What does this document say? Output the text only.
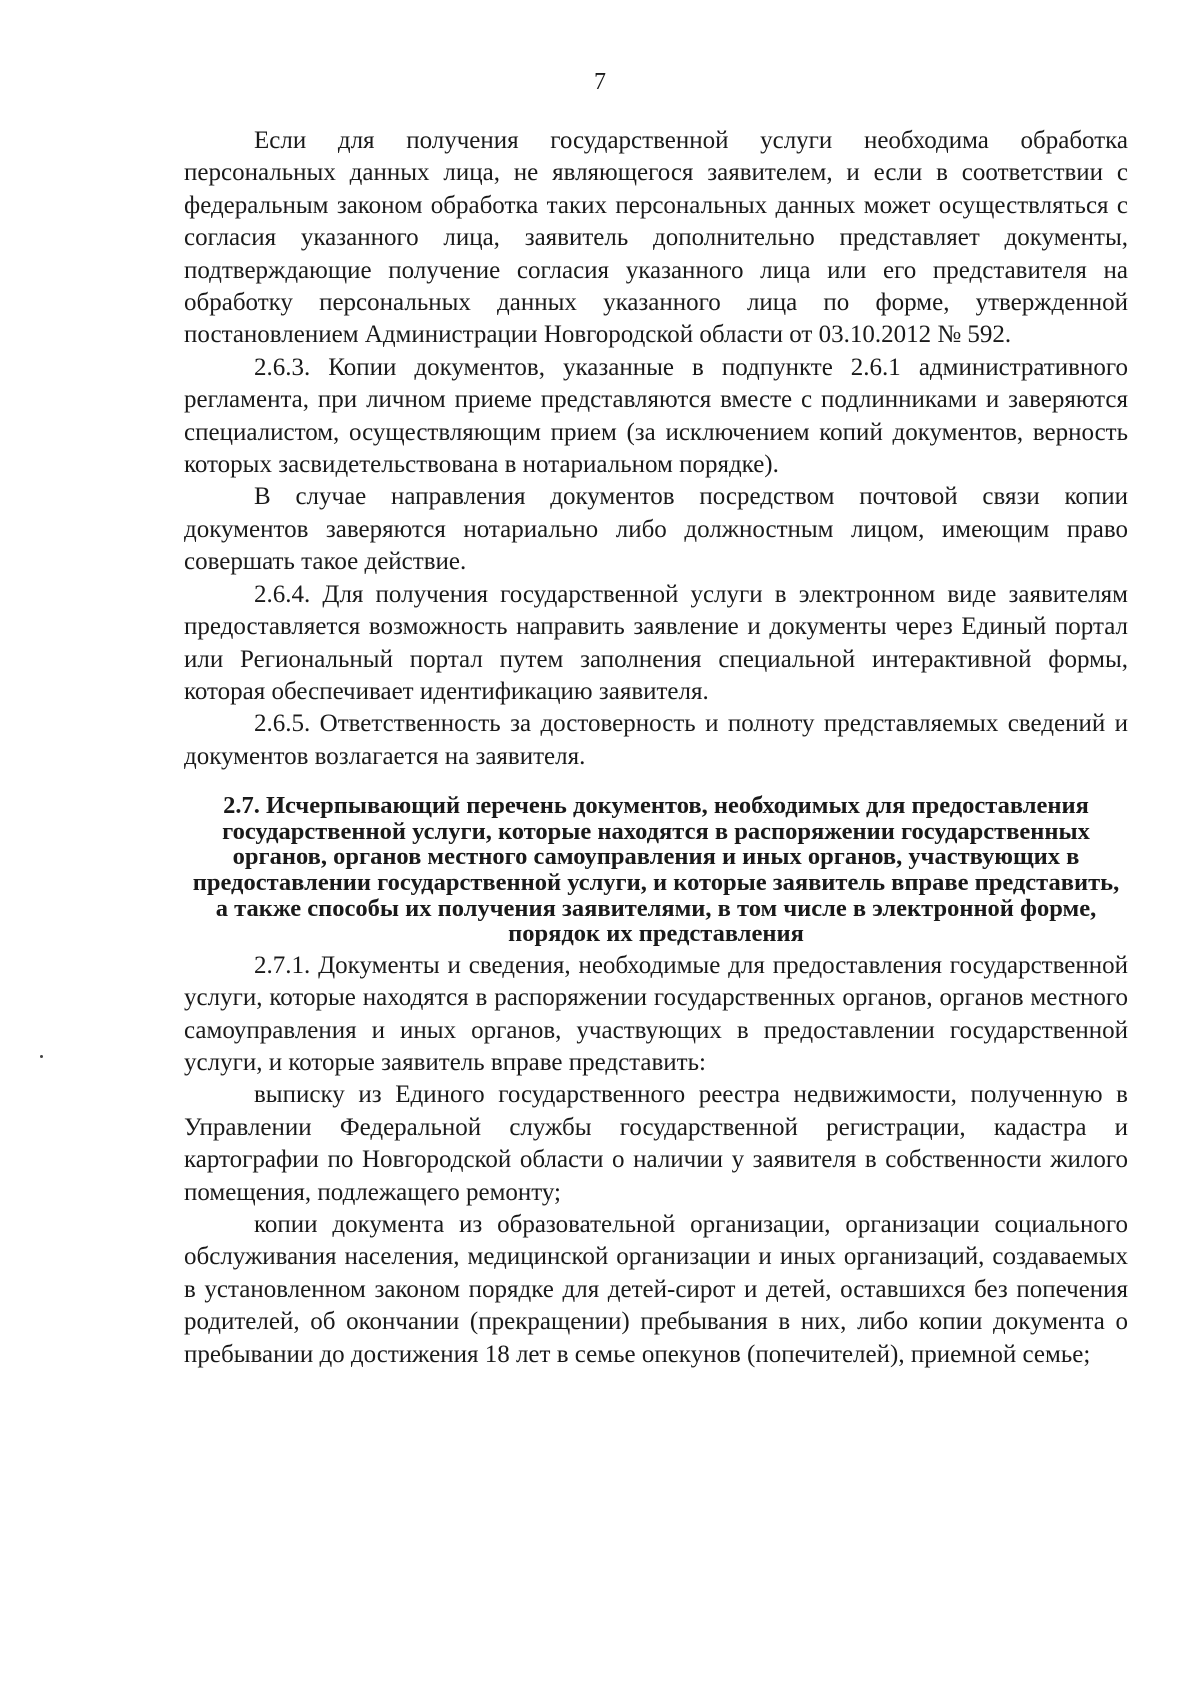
7

Если для получения государственной услуги необходима обработка персональных данных лица, не являющегося заявителем, и если в соответствии с федеральным законом обработка таких персональных данных может осуществляться с согласия указанного лица, заявитель дополнительно представляет документы, подтверждающие получение согласия указанного лица или его представителя на обработку персональных данных указанного лица по форме, утвержденной постановлением Администрации Новгородской области от 03.10.2012 № 592.

2.6.3. Копии документов, указанные в подпункте 2.6.1 административного регламента, при личном приеме представляются вместе с подлинниками и заверяются специалистом, осуществляющим прием (за исключением копий документов, верность которых засвидетельствована в нотариальном порядке).

В случае направления документов посредством почтовой связи копии документов заверяются нотариально либо должностным лицом, имеющим право совершать такое действие.

2.6.4. Для получения государственной услуги в электронном виде заявителям предоставляется возможность направить заявление и документы через Единый портал или Региональный портал путем заполнения специальной интерактивной формы, которая обеспечивает идентификацию заявителя.

2.6.5. Ответственность за достоверность и полноту представляемых сведений и документов возлагается на заявителя.

2.7. Исчерпывающий перечень документов, необходимых для предоставления государственной услуги, которые находятся в распоряжении государственных органов, органов местного самоуправления и иных органов, участвующих в предоставлении государственной услуги, и которые заявитель вправе представить, а также способы их получения заявителями, в том числе в электронной форме, порядок их представления

2.7.1. Документы и сведения, необходимые для предоставления государственной услуги, которые находятся в распоряжении государственных органов, органов местного самоуправления и иных органов, участвующих в предоставлении государственной услуги, и которые заявитель вправе представить:

выписку из Единого государственного реестра недвижимости, полученную в Управлении Федеральной службы государственной регистрации, кадастра и картографии по Новгородской области о наличии у заявителя в собственности жилого помещения, подлежащего ремонту;

копии документа из образовательной организации, организации социального обслуживания населения, медицинской организации и иных организаций, создаваемых в установленном законом порядке для детей-сирот и детей, оставшихся без попечения родителей, об окончании (прекращении) пребывания в них, либо копии документа о пребывании до достижения 18 лет в семье опекунов (попечителей), приемной семье;
